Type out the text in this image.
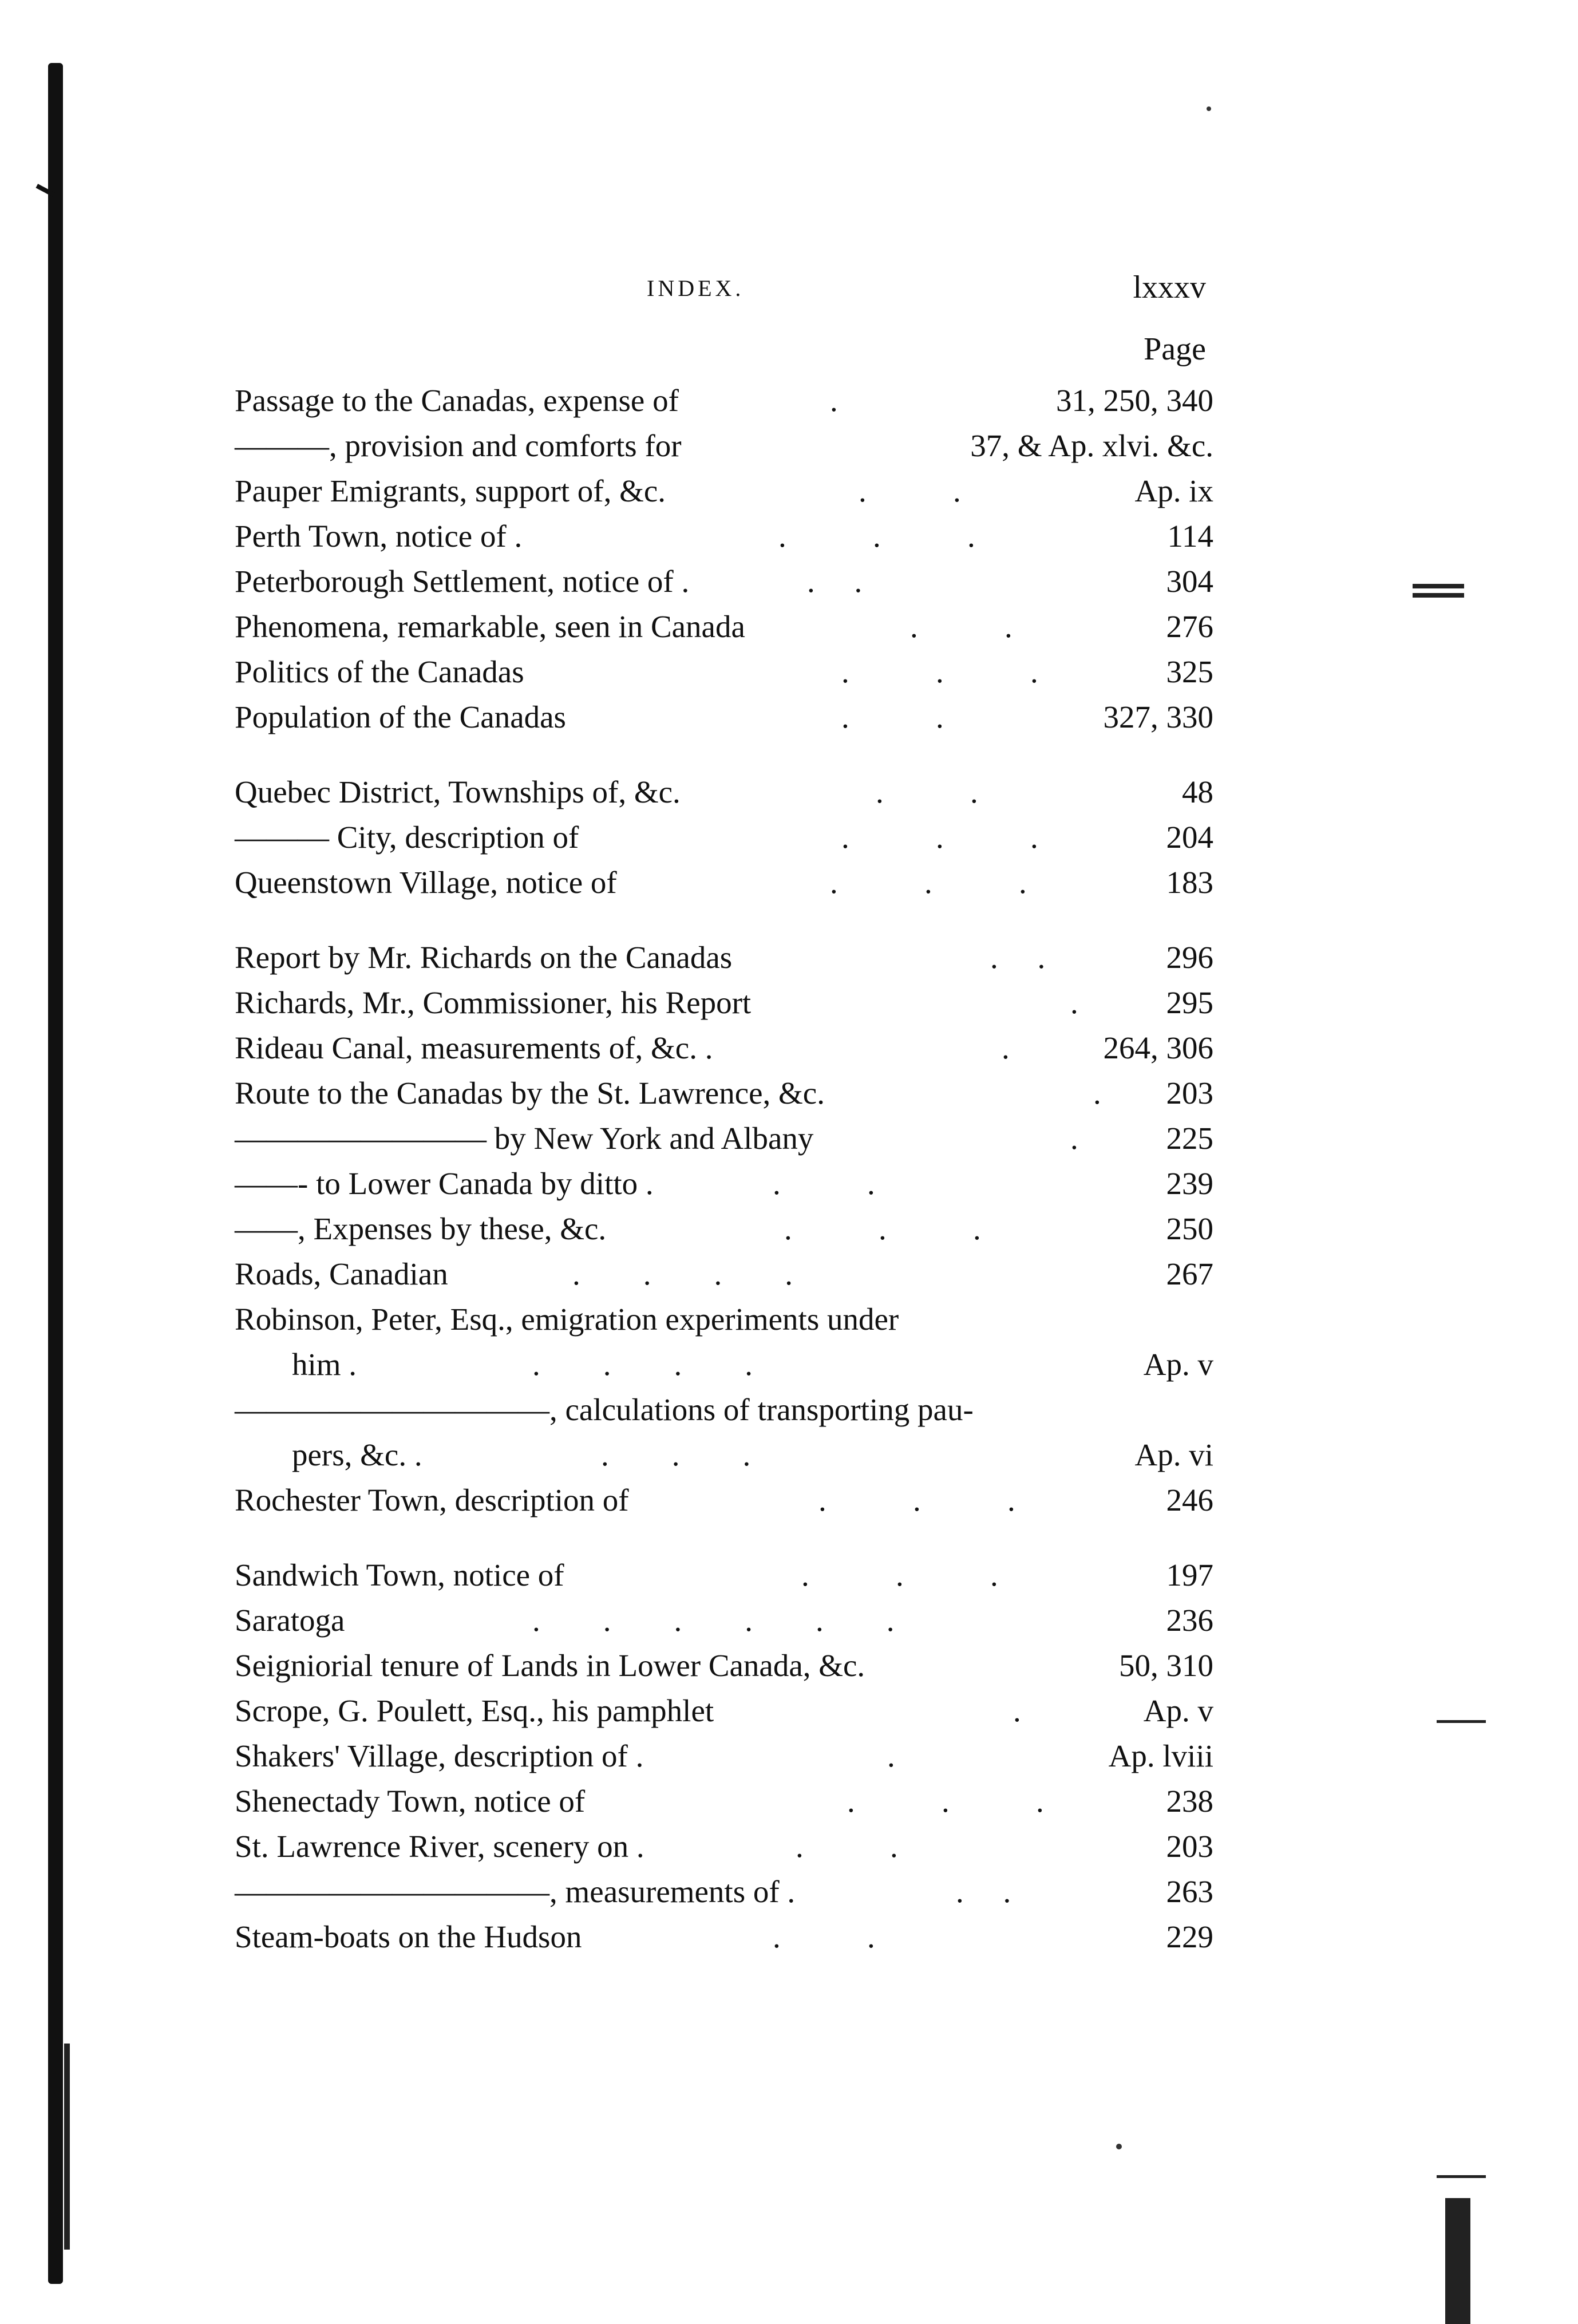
INDEX.	lxxxv
Page
Passage to the Canadas, expense of	.	31, 250, 340
———, provision and comforts for	37, & Ap. xlvi. &c.
Pauper Emigrants, support of, &c.	.           .	Ap. ix
Perth Town, notice of .	.           .           .	114
Peterborough Settlement, notice of .	.     .	304
Phenomena, remarkable, seen in Canada	.           .	276
Politics of the Canadas	.           .           .	325
Population of the Canadas	.           .	327, 330
Quebec District, Townships of, &c.	.           .	48
——— City, description of	.           .           .	204
Queenstown Village, notice of	.           .           .	183
Report by Mr. Richards on the Canadas	.     .	296
Richards, Mr., Commissioner, his Report	.	295
Rideau Canal, measurements of, &c. .	.	264, 306
Route to the Canadas by the St. Lawrence, &c.	. 203
———————— by New York and Albany	.	225
——- to Lower Canada by ditto .	.           .	239
——, Expenses by these, &c.	.           .           .	250
Roads, Canadian	.        .        .        .	267
Robinson, Peter, Esq., emigration experiments under
him .	.        .        .        .	Ap. v
——————————, calculations of transporting pau-
pers, &c. .	.        .        .	Ap. vi
Rochester Town, description of	.           .           .	246
Sandwich Town, notice of	.           .           .	197
Saratoga	.        .        .        .        .        .	236
Seigniorial tenure of Lands in Lower Canada, &c.	50, 310
Scrope, G. Poulett, Esq., his pamphlet	.	Ap. v
Shakers' Village, description of .	.	Ap. lviii
Shenectady Town, notice of	.           .           .	238
St. Lawrence River, scenery on .	.           .	203
——————————, measurements of .	.     .	263
Steam-boats on the Hudson	.           .	229
